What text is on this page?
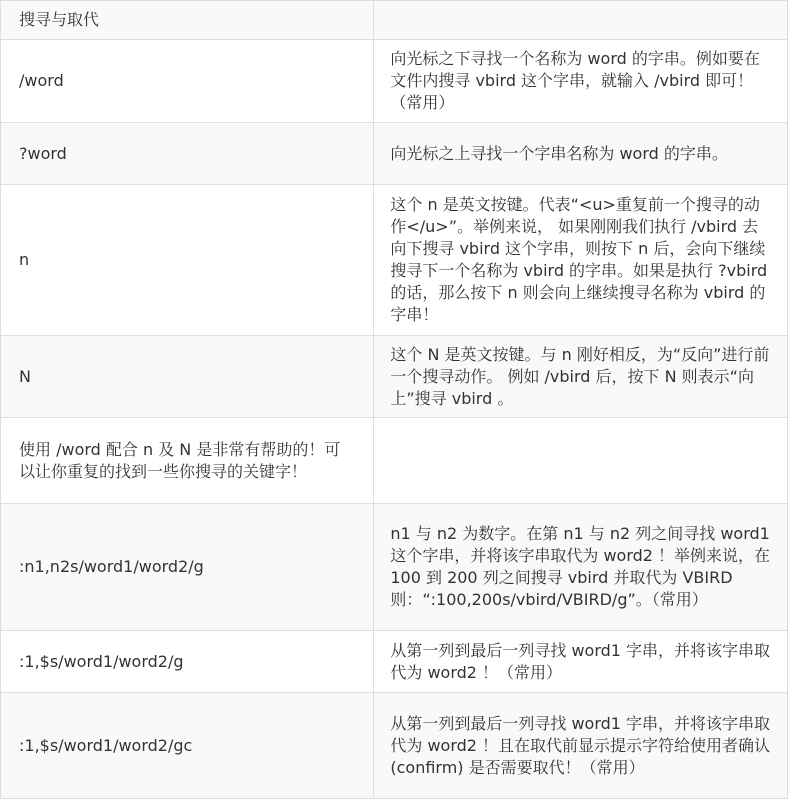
搜寻与取代	
/word	向光标之下寻找一个名称为 word 的字串。例如要在文件内搜寻 vbird 这个字串，就输入 /vbird 即可！（常用）
?word	向光标之上寻找一个字串名称为 word 的字串。
n	这个 n 是英文按键。代表“<u>重复前一个搜寻的动作</u>”。举例来说， 如果刚刚我们执行 /vbird 去向下搜寻 vbird 这个字串，则按下 n 后，会向下继续搜寻下一个名称为 vbird 的字串。如果是执行 ?vbird 的话，那么按下 n 则会向上继续搜寻名称为 vbird 的字串！
N	这个 N 是英文按键。与 n 刚好相反，为“反向”进行前一个搜寻动作。 例如 /vbird 后，按下 N 则表示“向上”搜寻 vbird 。
使用 /word 配合 n 及 N 是非常有帮助的！可以让你重复的找到一些你搜寻的关键字！	
:n1,n2s/word1/word2/g	n1 与 n2 为数字。在第 n1 与 n2 列之间寻找 word1 这个字串，并将该字串取代为 word2 ！举例来说，在 100 到 200 列之间搜寻 vbird 并取代为 VBIRD 则：“:100,200s/vbird/VBIRD/g”。（常用）
:1,$s/word1/word2/g	从第一列到最后一列寻找 word1 字串，并将该字串取代为 word2 ！（常用）
:1,$s/word1/word2/gc	从第一列到最后一列寻找 word1 字串，并将该字串取代为 word2 ！且在取代前显示提示字符给使用者确认 (confirm) 是否需要取代！（常用）
